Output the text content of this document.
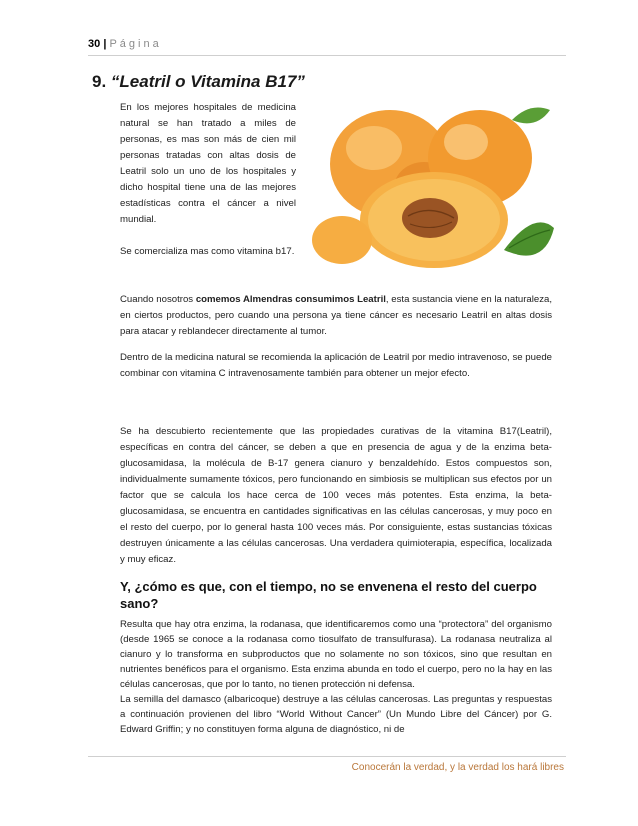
30 | Página
9. “Leatril o Vitamina B17”
En los mejores hospitales de medicina natural se han tratado a miles de personas, es mas son más de cien mil personas tratadas con altas dosis de Leatril solo un uno de los hospitales y dicho hospital tiene una de las mejores estadísticas contra el cáncer a nivel mundial.
Se comercializa mas como vitamina b17.
Cuando nosotros comemos Almendras consumimos Leatril, esta sustancia viene en la naturaleza, en ciertos productos, pero cuando una persona ya tiene cáncer es necesario Leatril en altas dosis para atacar y reblandecer directamente al tumor.
Dentro de la medicina natural se recomienda la aplicación de Leatril por medio intravenoso, se puede combinar con vitamina C intravenosamente también para obtener un mejor efecto.
Se ha descubierto recientemente que las propiedades curativas de la vitamina B17(Leatril), específicas en contra del cáncer, se deben a que en presencia de agua y de la enzima beta-glucosamidasa, la molécula de B-17 genera cianuro y benzaldehído. Estos compuestos son, individualmente sumamente tóxicos, pero funcionando en simbiosis se multiplican sus efectos por un factor que se calcula los hace cerca de 100 veces más potentes. Esta enzima, la beta-glucosamidasa, se encuentra en cantidades significativas en las células cancerosas, y muy poco en el resto del cuerpo, por lo general hasta 100 veces más. Por consiguiente, estas sustancias tóxicas destruyen únicamente a las células cancerosas. Una verdadera quimioterapia, específica, localizada y muy eficaz.
Y, ¿cómo es que, con el tiempo, no se envenena el resto del cuerpo sano?
Resulta que hay otra enzima, la rodanasa, que identificaremos como una “protectora” del organismo (desde 1965 se conoce a la rodanasa como tiosulfato de transulfurasa). La rodanasa neutraliza al cianuro y lo transforma en subproductos que no solamente no son tóxicos, sino que resultan en nutrientes benéficos para el organismo. Esta enzima abunda en todo el cuerpo, pero no la hay en las células cancerosas, que por lo tanto, no tienen protección ni defensa.
La semilla del damasco (albaricoque) destruye a las células cancerosas. Las preguntas y respuestas a continuación provienen del libro “World Without Cancer” (Un Mundo Libre del Cáncer) por G. Edward Griffin; y no constituyen forma alguna de diagnóstico, ni de
Conocerán la verdad, y la verdad los hará libres
